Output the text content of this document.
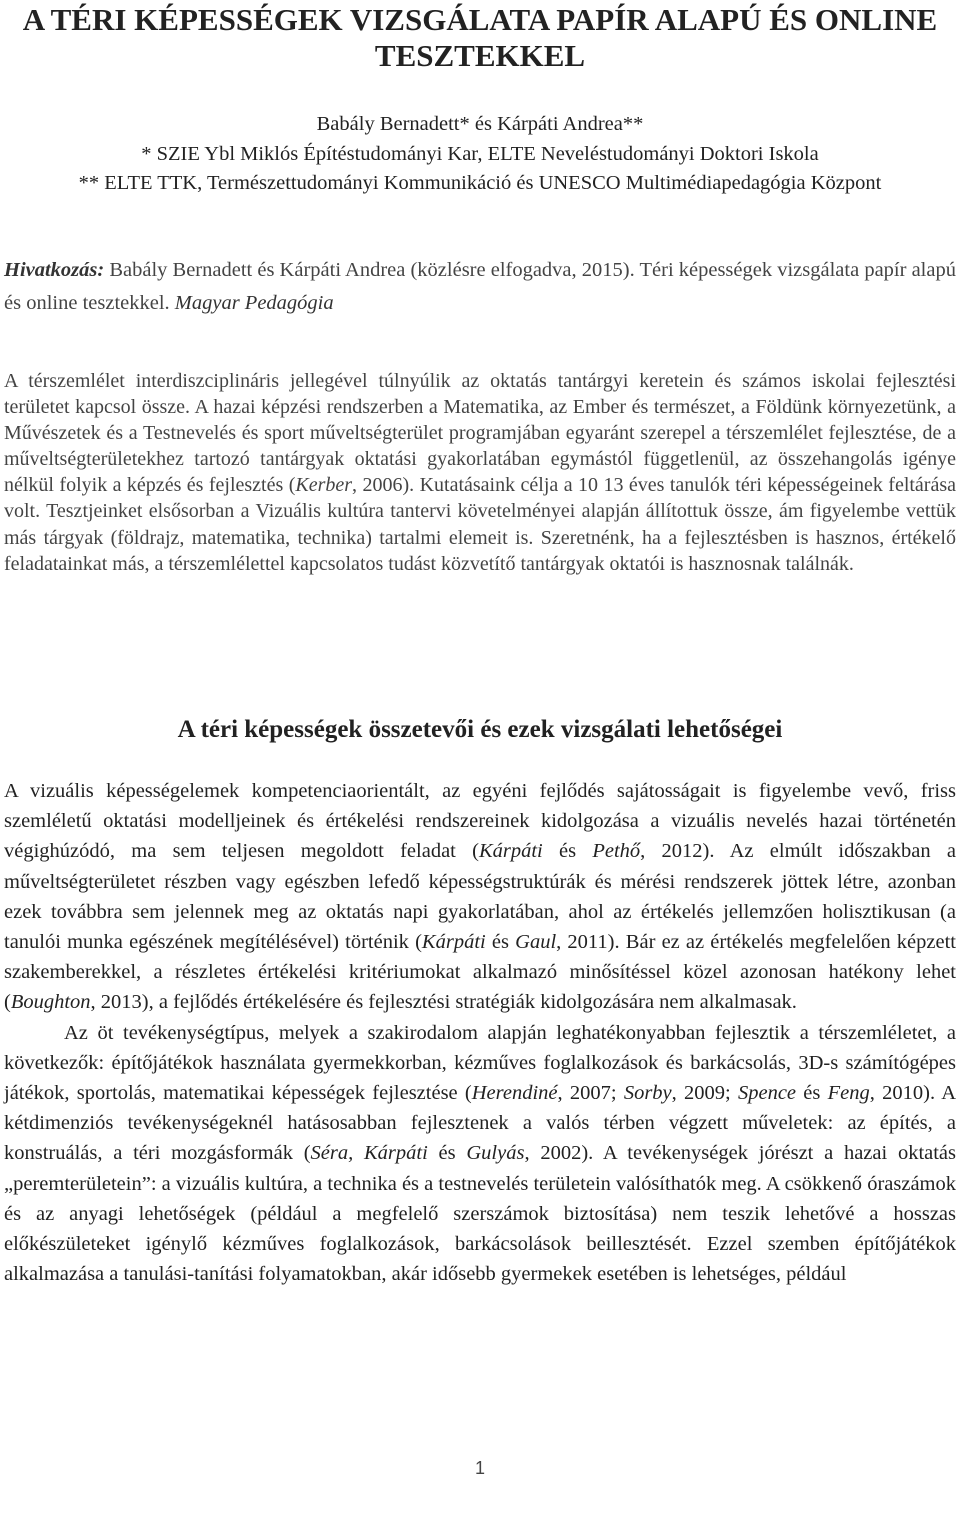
A TÉRI KÉPESSÉGEK VIZSGÁLATA PAPÍR ALAPÚ ÉS ONLINE TESZTEKKEL
Babály Bernadett* és Kárpáti Andrea**
* SZIE Ybl Miklós Építéstudományi Kar, ELTE Neveléstudományi Doktori Iskola
** ELTE TTK, Természettudományi Kommunikáció és UNESCO Multimédiapedagógia Központ

Hivatkozás: Babály Bernadett és Kárpáti Andrea (közlésre elfogadva, 2015). Téri képességek vizsgálata papír alapú és online tesztekkel. Magyar Pedagógia

A térszemlélet interdiszciplináris jellegével túlnyúlik az oktatás tantárgyi keretein és számos iskolai fejlesztési területet kapcsol össze. A hazai képzési rendszerben a Matematika, az Ember és természet, a Földünk környezetünk, a Művészetek és a Testnevelés és sport műveltségterület programjában egyaránt szerepel a térszemlélet fejlesztése, de a műveltségterületekhez tartozó tantárgyak oktatási gyakorlatában egymástól függetlenül, az összehangolás igénye nélkül folyik a képzés és fejlesztés (Kerber, 2006). Kutatásaink célja a 10 13 éves tanulók téri képességeinek feltárása volt. Tesztjeinket elsősorban a Vizuális kultúra tantervi követelményei alapján állítottuk össze, ám figyelembe vettük más tárgyak (földrajz, matematika, technika) tartalmi elemeit is. Szeretnénk, ha a fejlesztésben is hasznos, értékelő feladatainkat más, a térszemlélettel kapcsolatos tudást közvetítő tantárgyak oktatói is hasznosnak találnák.

A téri képességek összetevői és ezek vizsgálati lehetőségei

A vizuális képességelemek kompetenciaorientált, az egyéni fejlődés sajátosságait is figyelembe vevő, friss szemléletű oktatási modelljeinek és értékelési rendszereinek kidolgozása a vizuális nevelés hazai történetén végighúzódó, ma sem teljesen megoldott feladat (Kárpáti és Pethő, 2012). Az elmúlt időszakban a műveltségterületet részben vagy egészben lefedő képességstruktúrák és mérési rendszerek jöttek létre, azonban ezek továbbra sem jelennek meg az oktatás napi gyakorlatában, ahol az értékelés jellemzően holisztikusan (a tanulói munka egészének megítélésével) történik (Kárpáti és Gaul, 2011). Bár ez az értékelés megfelelően képzett szakemberekkel, a részletes értékelési kritériumokat alkalmazó minősítéssel közel azonosan hatékony lehet (Boughton, 2013), a fejlődés értékelésére és fejlesztési stratégiák kidolgozására nem alkalmasak.

Az öt tevékenységtípus, melyek a szakirodalom alapján leghatékonyabban fejlesztik a térszemléletet, a következők: építőjátékok használata gyermekkorban, kézműves foglalkozások és barkácsolás, 3D-s számítógépes játékok, sportolás, matematikai képességek fejlesztése (Herendiné, 2007; Sorby, 2009; Spence és Feng, 2010). A kétdimenziós tevékenységeknél hatásosabban fejlesztenek a valós térben végzett műveletek: az építés, a konstruálás, a téri mozgásformák (Séra, Kárpáti és Gulyás, 2002). A tevékenységek jórészt a hazai oktatás „peremterületein”: a vizuális kultúra, a technika és a testnevelés területein valósíthatók meg. A csökkenő óraszámok és az anyagi lehetőségek (például a megfelelő szerszámok biztosítása) nem teszik lehetővé a hosszas előkészületeket igénylő kézműves foglalkozások, barkácsolások beillesztését. Ezzel szemben építőjátékok alkalmazása a tanulási-tanítási folyamatokban, akár idősebb gyermekek esetében is lehetséges, például

1
